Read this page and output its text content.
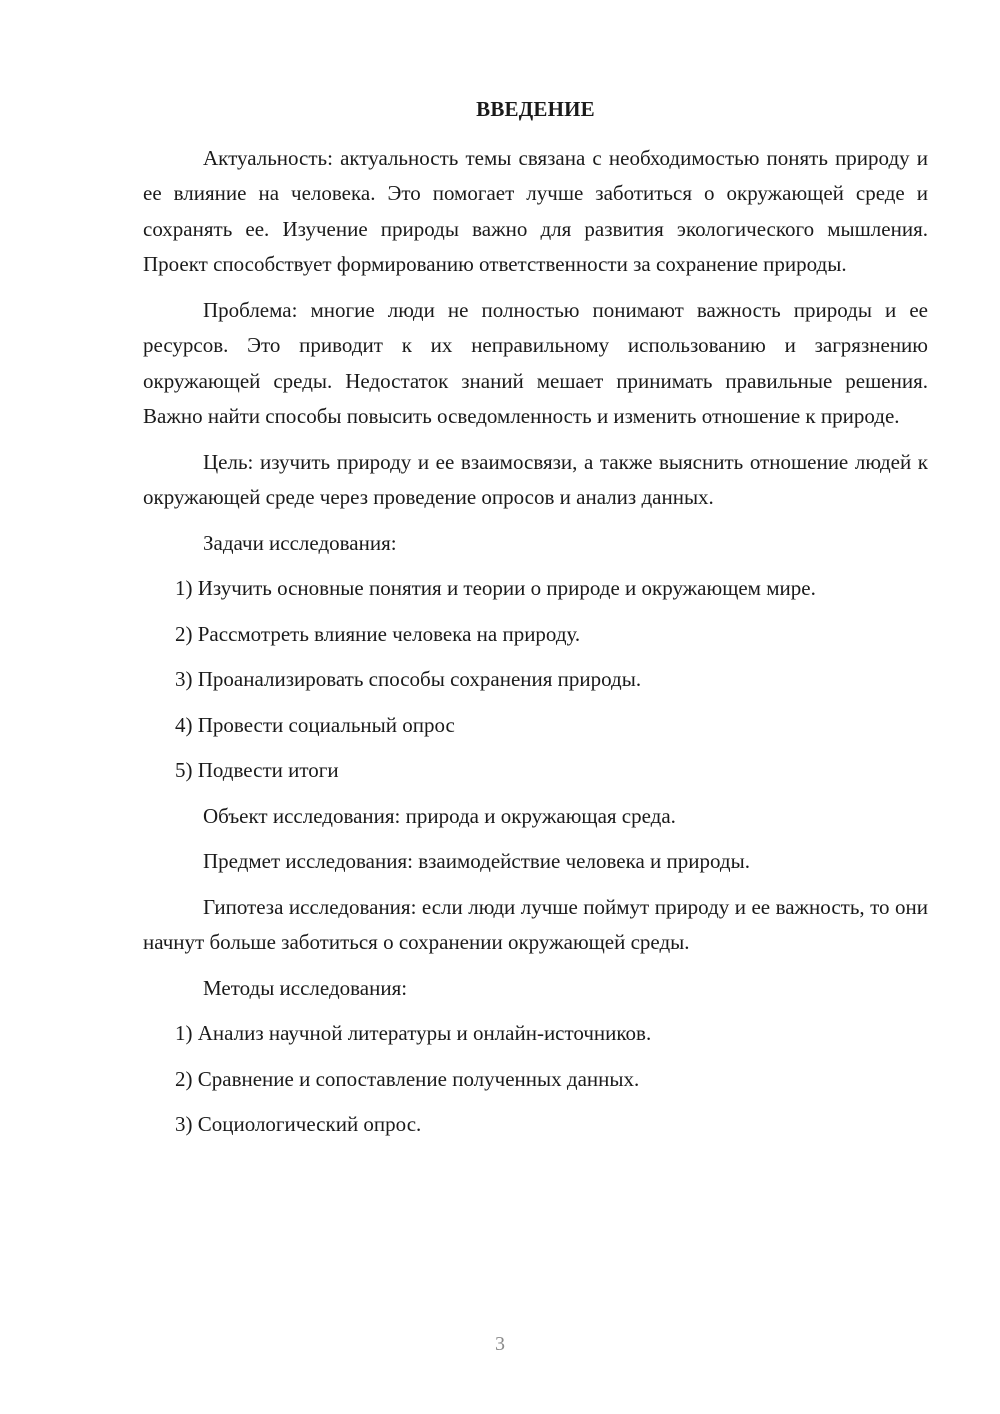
ВВЕДЕНИЕ

Актуальность: актуальность темы связана с необходимостью понять природу и ее влияние на человека. Это помогает лучше заботиться о окружающей среде и сохранять ее. Изучение природы важно для развития экологического мышления. Проект способствует формированию ответственности за сохранение природы.

Проблема: многие люди не полностью понимают важность природы и ее ресурсов. Это приводит к их неправильному использованию и загрязнению окружающей среды. Недостаток знаний мешает принимать правильные решения. Важно найти способы повысить осведомленность и изменить отношение к природе.

Цель: изучить природу и ее взаимосвязи, а также выяснить отношение людей к окружающей среде через проведение опросов и анализ данных.

Задачи исследования:

1) Изучить основные понятия и теории о природе и окружающем мире.

2) Рассмотреть влияние человека на природу.

3) Проанализировать способы сохранения природы.

4) Провести социальный опрос

5) Подвести итоги

Объект исследования: природа и окружающая среда.

Предмет исследования: взаимодействие человека и природы.

Гипотеза исследования: если люди лучше поймут природу и ее важность, то они начнут больше заботиться о сохранении окружающей среды.

Методы исследования:

1) Анализ научной литературы и онлайн-источников.

2) Сравнение и сопоставление полученных данных.

3) Социологический опрос.

3
